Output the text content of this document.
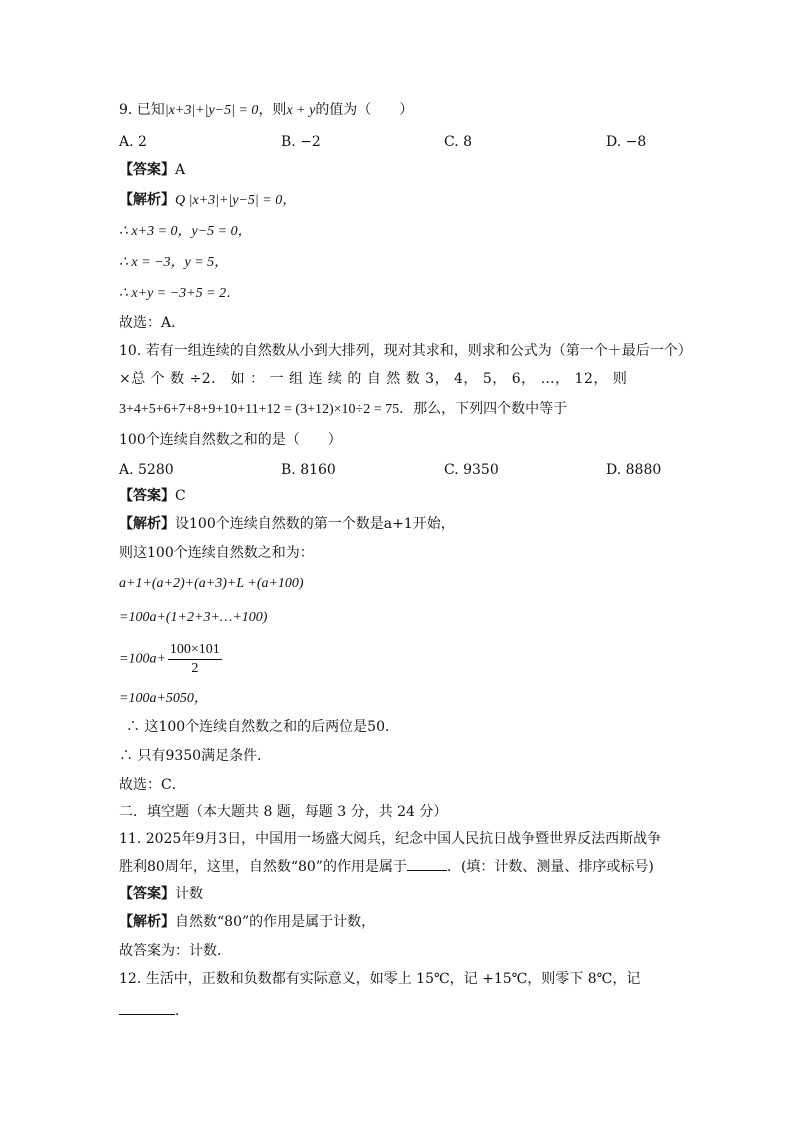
9. 已知|x+3|+|y−5| = 0，则x + y的值为（　　）
A. 2	B. −2	C. 8	D. −8
【答案】A
【解析】Q |x+3|+|y−5| = 0，
∴ x+3 = 0，y−5 = 0，
∴ x = −3，y = 5，
∴ x+y = −3+5 = 2．
故选：A．
10. 若有一组连续的自然数从小到大排列，现对其求和，则求和公式为（第一个＋最后一个）
×总 个 数 ÷2． 如 ： 一 组 连 续 的 自 然 数 3， 4， 5， 6， …， 12， 则
3+4+5+6+7+8+9+10+11+12 = (3+12)×10÷2 = 75．那么，下列四个数中等于
100个连续自然数之和的是（　　）
A. 5280	B. 8160	C. 9350	D. 8880
【答案】C
【解析】设100个连续自然数的第一个数是a+1开始，
则这100个连续自然数之和为：
a+1+(a+2)+(a+3)+L +(a+100)
=100a+(1+2+3+…+100)
$=100a+ \frac{100\times 101}{2}$
=100a+5050，
∴ 这100个连续自然数之和的后两位是50．
∴ 只有9350满足条件．
故选：C．
二．填空题（本大题共 8 题，每题 3 分，共 24 分）
11. 2025年9月3日，中国用一场盛大阅兵，纪念中国人民抗日战争暨世界反法西斯战争
胜利80周年，这里，自然数“80”的作用是属于	．(填：计数、测量、排序或标号)
【答案】计数
【解析】自然数“80”的作用是属于计数，
故答案为：计数．
12. 生活中，正数和负数都有实际意义，如零上 15℃，记 +15℃，则零下 8℃，记
．
